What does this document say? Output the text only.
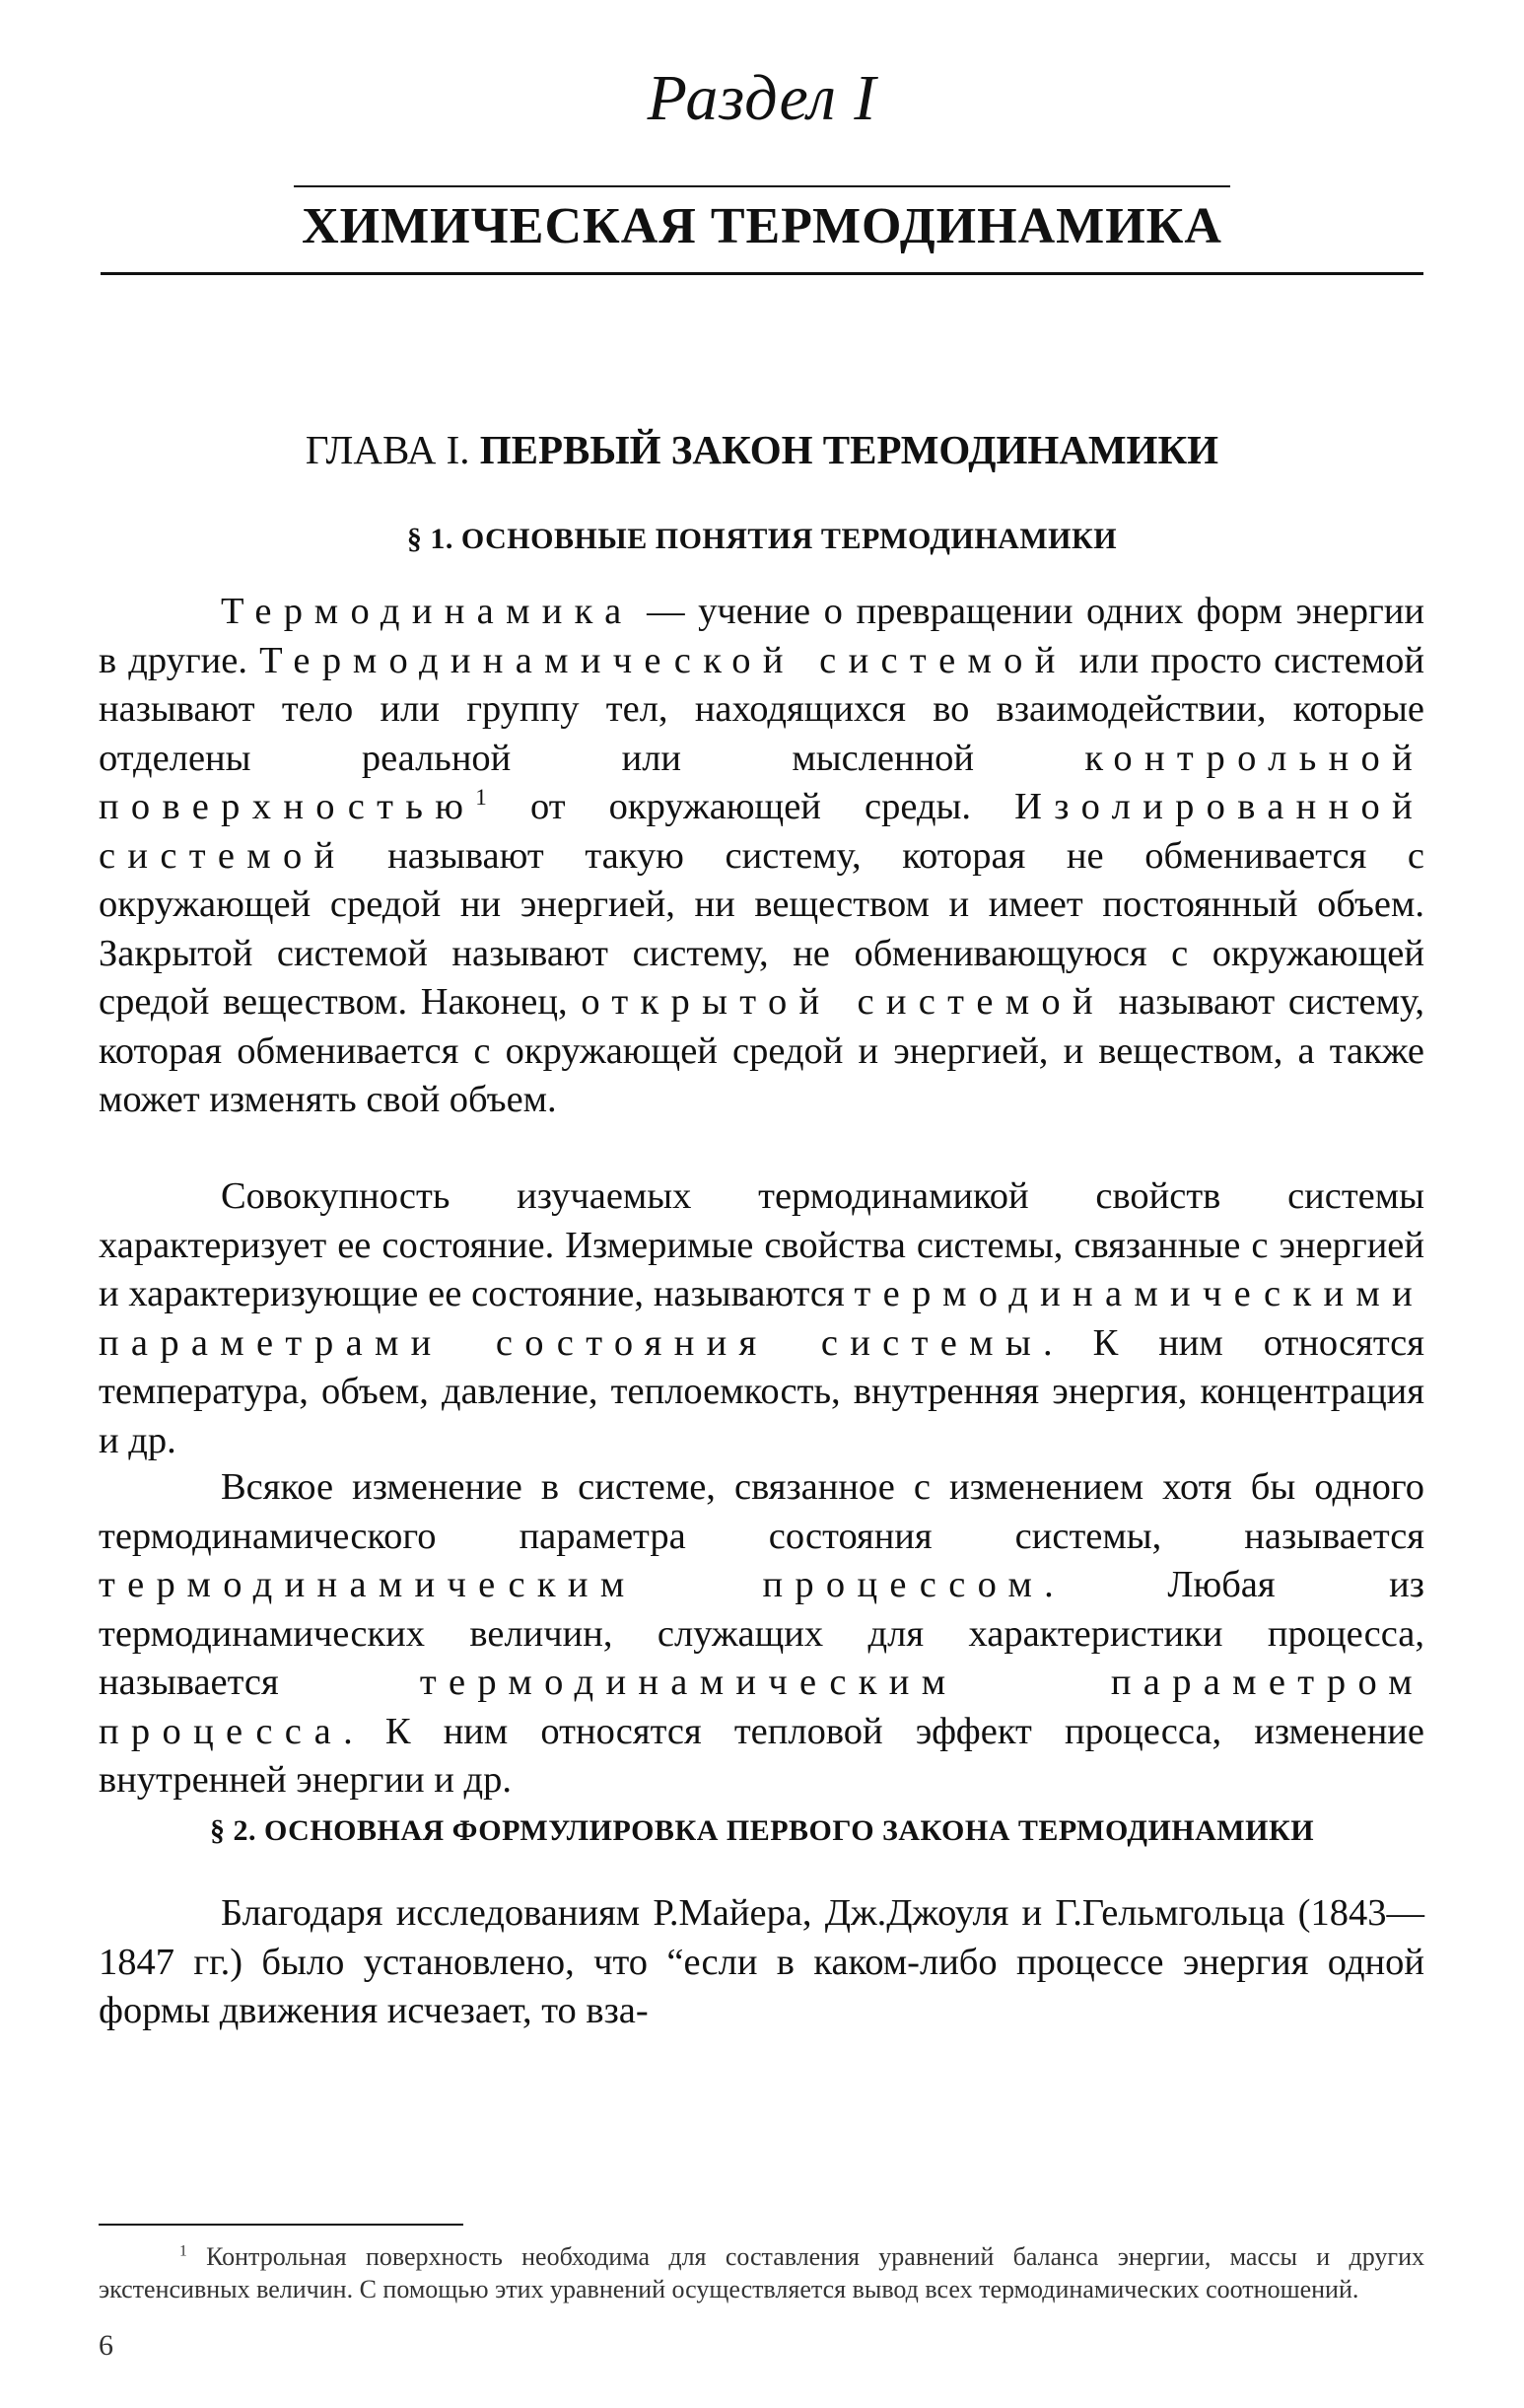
Раздел I
ХИМИЧЕСКАЯ ТЕРМОДИНАМИКА
ГЛАВА I. ПЕРВЫЙ ЗАКОН ТЕРМОДИНАМИКИ
§ 1. ОСНОВНЫЕ ПОНЯТИЯ ТЕРМОДИНАМИКИ
Термодинамика — учение о превращении одних форм энергии в другие. Термодинамической системой или просто системой называют тело или группу тел, находящихся во взаимодействии, которые отделены реальной или мысленной контрольной поверхностью$^1$ от окружающей среды. Изолированной системой называют такую систему, которая не обменивается с окружающей средой ни энергией, ни веществом и имеет постоянный объем. Закрытой системой называют систему, не обменивающуюся с окружающей средой веществом. Наконец, открытой системой называют систему, которая обменивается с окружающей средой и энергией, и веществом, а также может изменять свой объем.
Совокупность изучаемых термодинамикой свойств системы характеризует ее состояние. Измеримые свойства системы, связанные с энергией и характеризующие ее состояние, называются термодинамическими параметрами состояния системы. К ним относятся температура, объем, давление, теплоемкость, внутренняя энергия, концентрация и др.
Всякое изменение в системе, связанное с изменением хотя бы одного термодинамического параметра состояния системы, называется термодинамическим процессом. Любая из термодинамических величин, служащих для характеристики процесса, называется термодинамическим параметром процесса. К ним относятся тепловой эффект процесса, изменение внутренней энергии и др.
§ 2. ОСНОВНАЯ ФОРМУЛИРОВКА ПЕРВОГО ЗАКОНА ТЕРМОДИНАМИКИ
Благодаря исследованиям Р.Майера, Дж.Джоуля и Г.Гельмгольца (1843—1847 гг.) было установлено, что “если в каком-либо процессе энергия одной формы движения исчезает, то вза-
$^1$ Контрольная поверхность необходима для составления уравнений баланса энергии, массы и других экстенсивных величин. С помощью этих уравнений осуществляется вывод всех термодинамических соотношений.
6
